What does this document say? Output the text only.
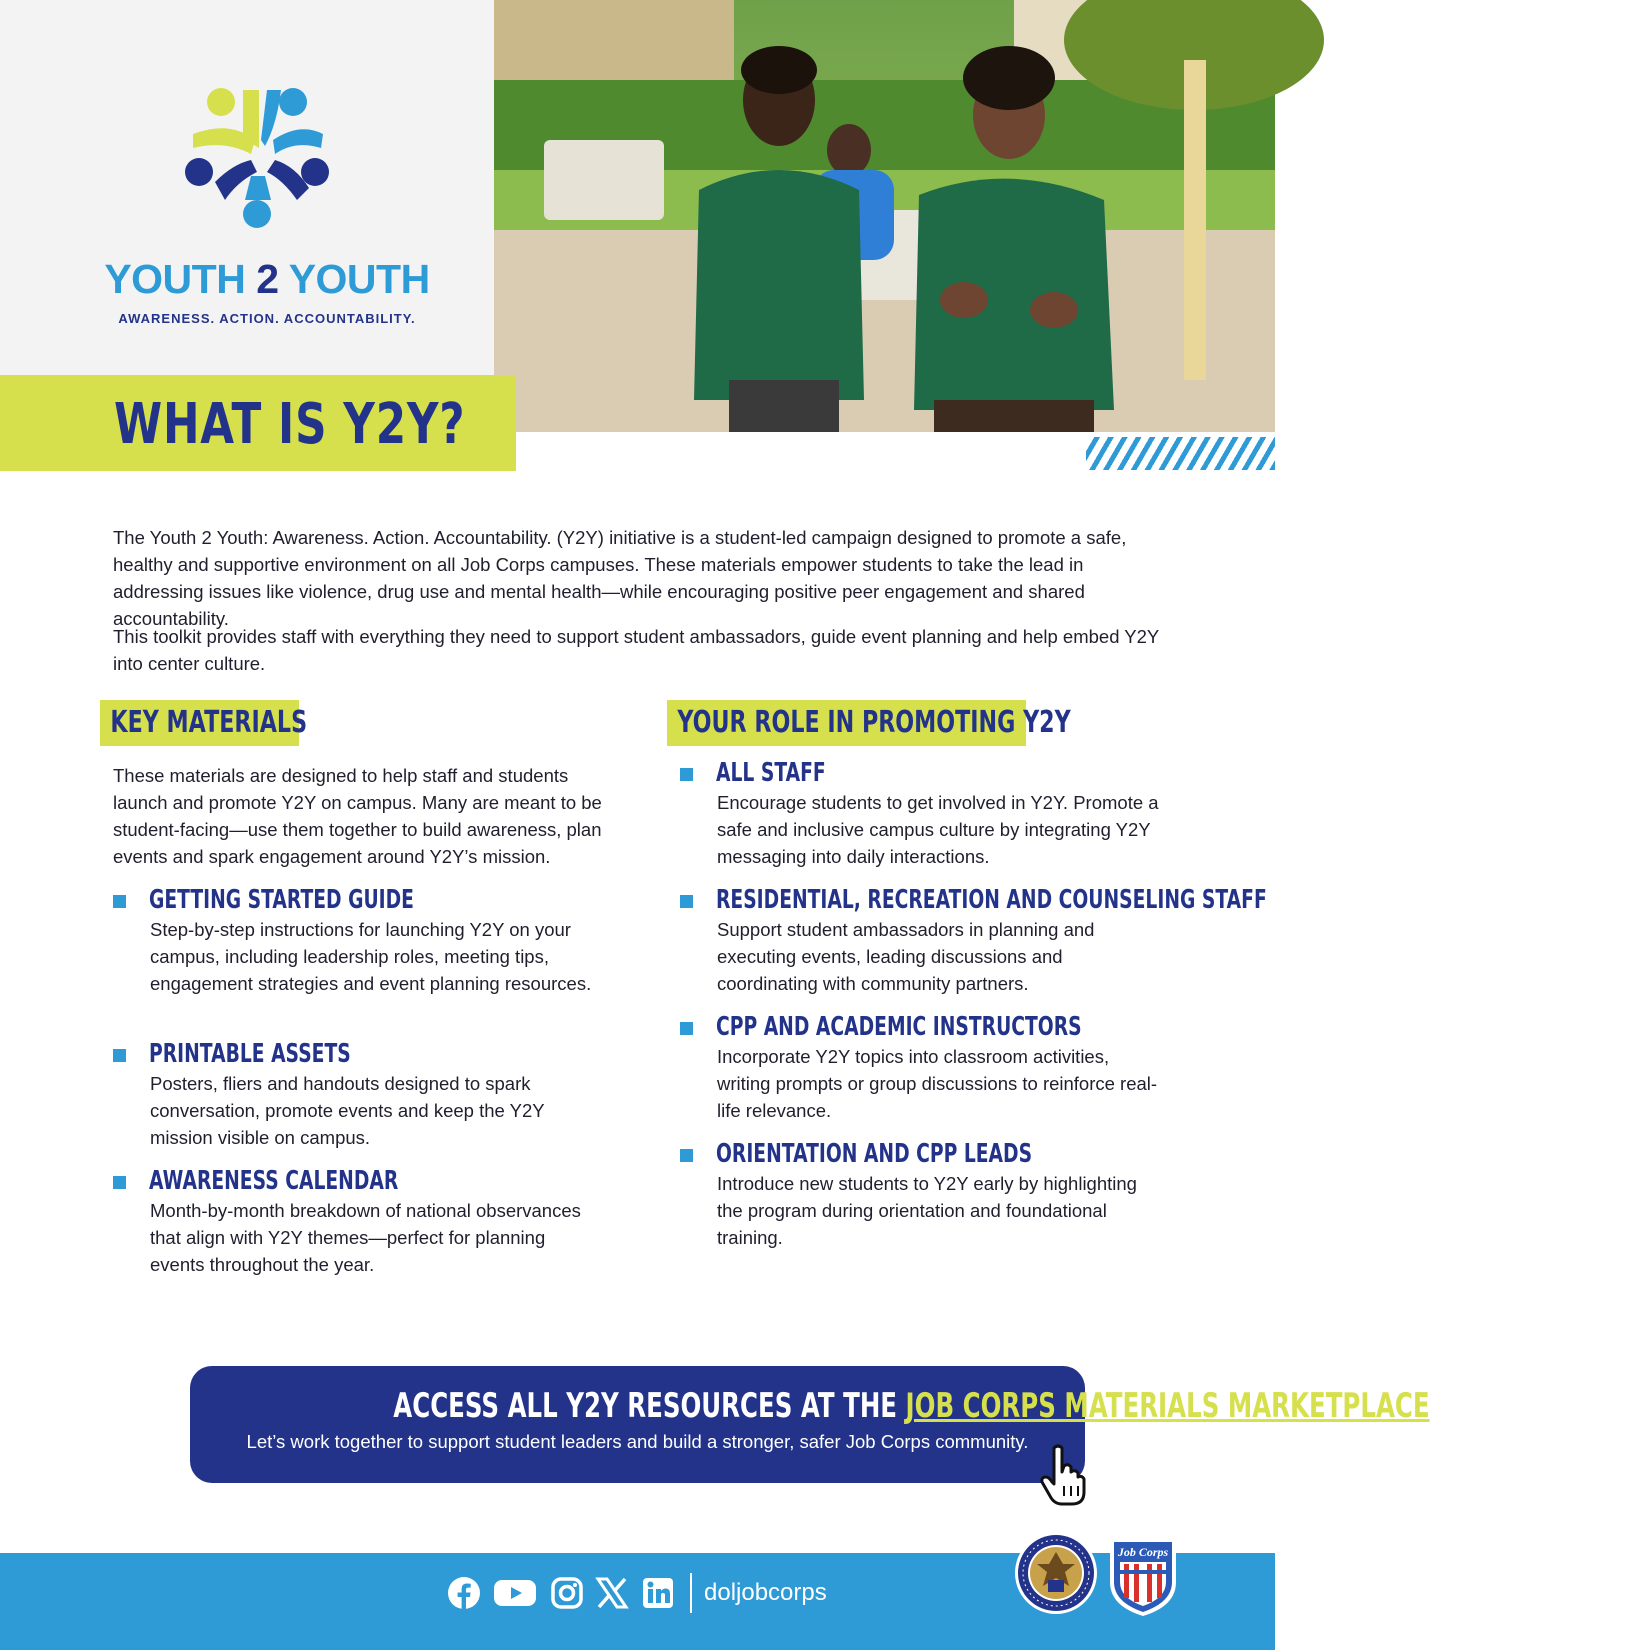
YOUTH 2 YOUTH
AWARENESS. ACTION. ACCOUNTABILITY.
WHAT IS Y2Y?

The Youth 2 Youth: Awareness. Action. Accountability. (Y2Y) initiative is a student-led campaign designed to promote a safe, healthy and supportive environment on all Job Corps campuses. These materials empower students to take the lead in addressing issues like violence, drug use and mental health—while encouraging positive peer engagement and shared accountability.

This toolkit provides staff with everything they need to support student ambassadors, guide event planning and help embed Y2Y into center culture.

KEY MATERIALS

These materials are designed to help staff and students launch and promote Y2Y on campus. Many are meant to be student-facing—use them together to build awareness, plan events and spark engagement around Y2Y’s mission.

GETTING STARTED GUIDE
Step-by-step instructions for launching Y2Y on your campus, including leadership roles, meeting tips, engagement strategies and event planning resources.
PRINTABLE ASSETS
Posters, fliers and handouts designed to spark conversation, promote events and keep the Y2Y mission visible on campus.
AWARENESS CALENDAR
Month-by-month breakdown of national observances that align with Y2Y themes—perfect for planning events throughout the year.
YOUR ROLE IN PROMOTING Y2Y
ALL STAFF
Encourage students to get involved in Y2Y. Promote a safe and inclusive campus culture by integrating Y2Y messaging into daily interactions.
RESIDENTIAL, RECREATION AND COUNSELING STAFF
Support student ambassadors in planning and executing events, leading discussions and coordinating with community partners.
CPP AND ACADEMIC INSTRUCTORS
Incorporate Y2Y topics into classroom activities, writing prompts or group discussions to reinforce real-life relevance.
ORIENTATION AND CPP LEADS
Introduce new students to Y2Y early by highlighting the program during orientation and foundational training.
ACCESS ALL Y2Y RESOURCES AT THE JOB CORPS MATERIALS MARKETPLACE.
Let’s work together to support student leaders and build a stronger, safer Job Corps community.
doljobcorps
Job Corps
